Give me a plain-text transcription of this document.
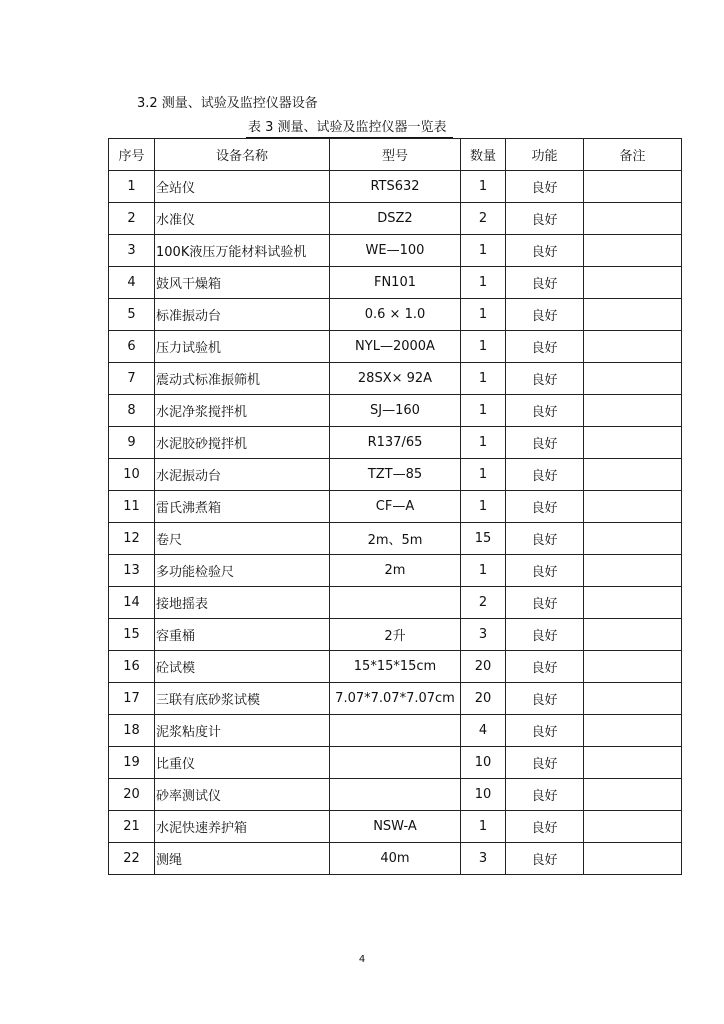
3.2 测量、试验及监控仪器设备
表 3 测量、试验及监控仪器一览表
序号	设备名称	型号	数量	功能	备注
1	全站仪	RTS632	1	良好	
2	水准仪	DSZ2	2	良好	
3	100K液压万能材料试验机	WE—100	1	良好	
4	鼓风干燥箱	FN101	1	良好	
5	标准振动台	0.6 × 1.0	1	良好	
6	压力试验机	NYL—2000A	1	良好	
7	震动式标准振筛机	28SX× 92A	1	良好	
8	水泥净浆搅拌机	SJ—160	1	良好	
9	水泥胶砂搅拌机	R137/65	1	良好	
10	水泥振动台	TZT—85	1	良好	
11	雷氏沸煮箱	CF—A	1	良好	
12	卷尺	2m、5m	15	良好	
13	多功能检验尺	2m	1	良好	
14	接地摇表		2	良好	
15	容重桶	2升	3	良好	
16	砼试模	15*15*15cm	20	良好	
17	三联有底砂浆试模	7.07*7.07*7.07cm	20	良好	
18	泥浆粘度计		4	良好	
19	比重仪		10	良好	
20	砂率测试仪		10	良好	
21	水泥快速养护箱	NSW-A	1	良好	
22	测绳	40m	3	良好	
4
